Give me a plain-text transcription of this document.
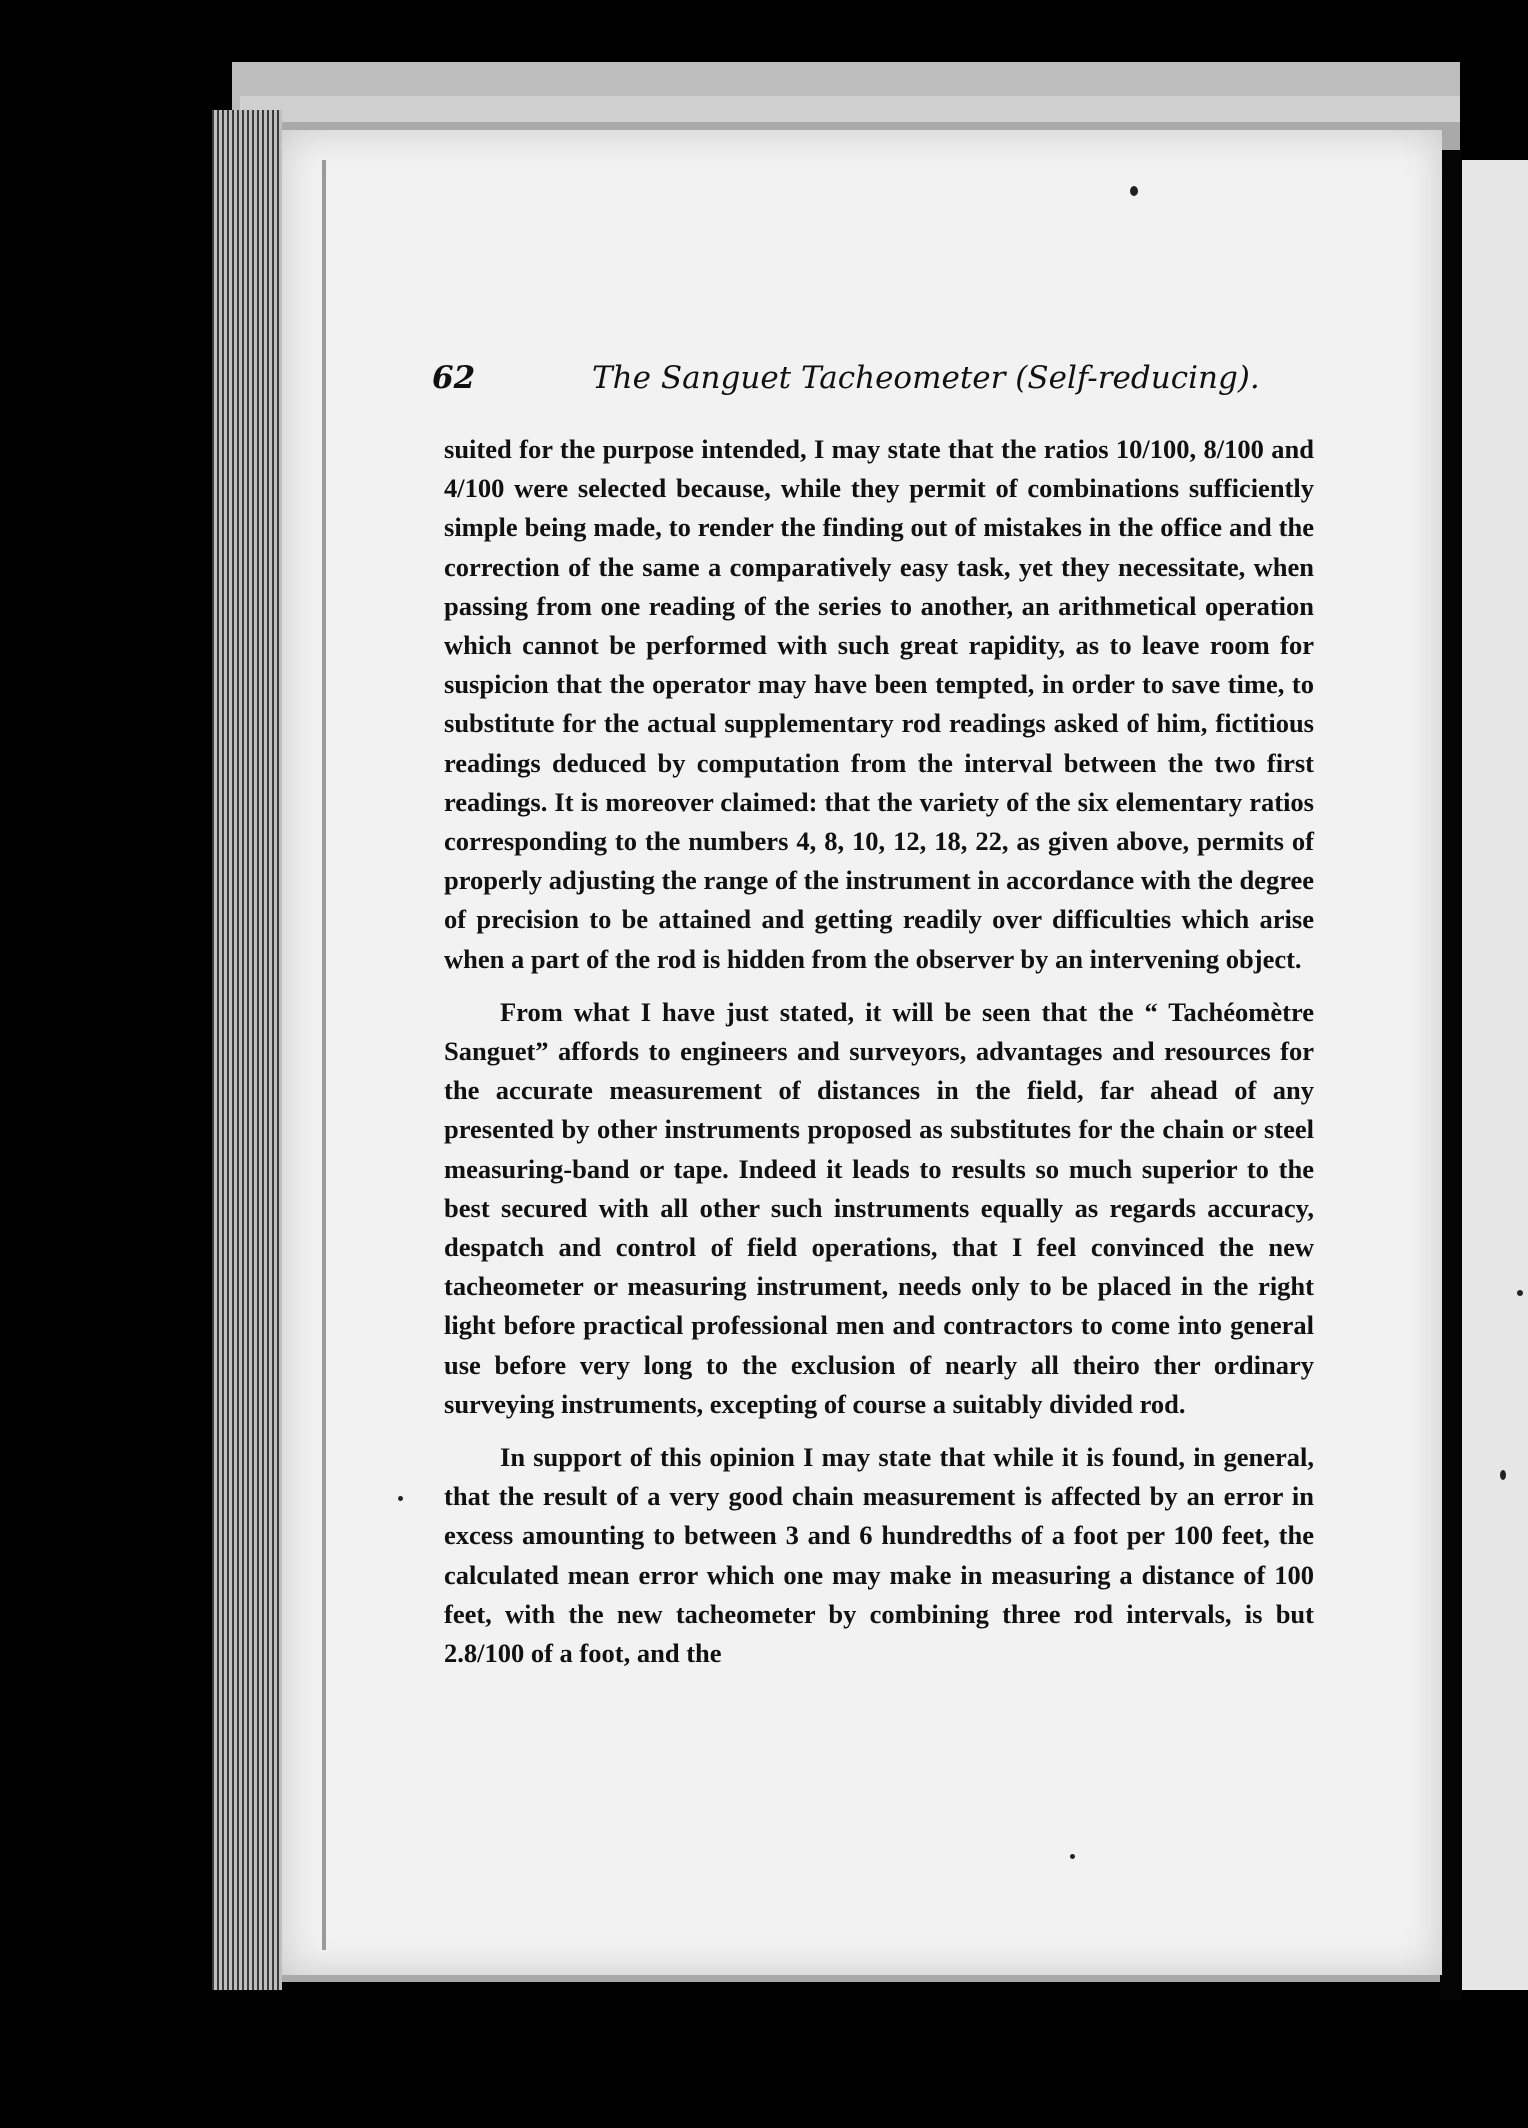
62	The Sanguet Tacheometer (Self-reducing).

suited for the purpose intended, I may state that the ratios 10/100, 8/100 and 4/100 were selected because, while they permit of combinations sufficiently simple being made, to render the finding out of mistakes in the office and the correction of the same a comparatively easy task, yet they necessitate, when passing from one reading of the series to another, an arithmetical operation which cannot be performed with such great rapidity, as to leave room for suspicion that the operator may have been tempted, in order to save time, to substitute for the actual supplementary rod readings asked of him, fictitious readings deduced by computation from the interval between the two first readings. It is moreover claimed: that the variety of the six elementary ratios corresponding to the numbers 4, 8, 10, 12, 18, 22, as given above, permits of properly adjusting the range of the instrument in accordance with the degree of precision to be attained and getting readily over difficulties which arise when a part of the rod is hidden from the observer by an intervening object.

From what I have just stated, it will be seen that the “ Tachéomètre Sanguet” affords to engineers and surveyors, advantages and resources for the accurate measurement of distances in the field, far ahead of any presented by other instruments proposed as substitutes for the chain or steel measuring-band or tape. Indeed it leads to results so much superior to the best secured with all other such instruments equally as regards accuracy, despatch and control of field operations, that I feel convinced the new tacheometer or measuring instrument, needs only to be placed in the right light before practical professional men and contractors to come into general use before very long to the exclusion of nearly all theiro ther ordinary surveying instruments, excepting of course a suitably divided rod.

In support of this opinion I may state that while it is found, in general, that the result of a very good chain measurement is affected by an error in excess amounting to between 3 and 6 hundredths of a foot per 100 feet, the calculated mean error which one may make in measuring a distance of 100 feet, with the new tacheometer by combining three rod intervals, is but 2.8/100 of a foot, and the
